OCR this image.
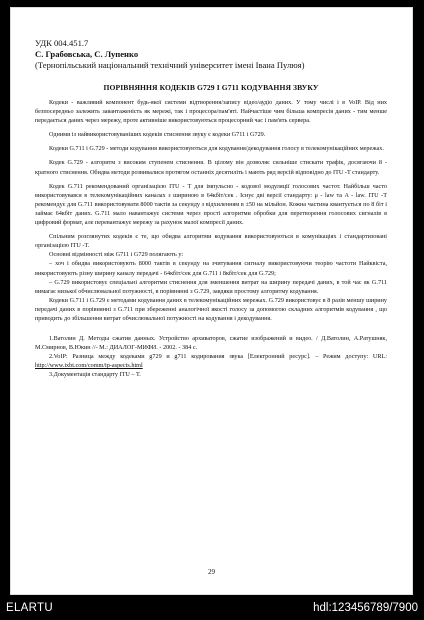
УДК 004.451.7
С. Грабовська, С. Лупенко
(Тернопільський національний технічний університет імені Івана Пулюя)
ПОРІВНЯННЯ КОДЕКІВ G729 І G711 КОДУВАННЯ ЗВУКУ

Кодеки - важливий компонент будь-якої системи відтворення/запису відео/аудіо даних. У тому числі і в VoIP. Від них безпосередньо залежить завантаженість як мережі, так і процесора/пам'яті. Найчастіше чим більша компресія даних - тим менше передається даних через мережу, проте активніше використовуються процесорний час і пам'ять сервера.

Одними із найвикористовуваніших кодеків стиснення звуку є кодеки G711 і G729.

Кодеки G.711 і G.729 - методи кодування використовуються для кодування/декодування голосу в телекомунікаційних мережах.

Кодек G.729 - алгоритм з високим ступенем стиснення. В цілому він дозволяє сильніше стискати трафік, досягаючи 8 - кратного стиснення. Обидва методи розвивалися протягом останніх десятиліть і мають ряд версій відповідно до ITU -T стандарту.

Кодек G.711 рекомендований організацією ITU - T для імпульсно - кодової модуляції голосових частот. Найбільш часто використовувався в телекомунікаційних каналах з шириною в 64кбіт/сек . Існує дві версії стандарту: μ - law та A - law. ITU -T рекомендує для G.711 використовувати 8000 тактів за секунду з відхиленням в ±50 на мільйон. Кожна частина квантується по 8 біт і займає 64кбіт даних. G.711 мало навантажує системи через прості алгоритми обробки для перетворення голосових сигналів в цифровий формат, але перевантажує мережу за рахунок малої компресії даних.

Спільним розглянутих кодеків є те, що обидва алгоритми кодування використовуються в комунікаціях і стандартизовані організацією ITU -T.

Основні відмінності між G711 і G729 полягають у:

– хоч і обидва використовують 8000 тактів в секунду на зчитування сигналу використовуючи теорію частоти Найквіста, використовують різну ширину каналу передачі - 64кбіт/сек для G.711 і 8кбіт/сек для G.729;

– G.729 використовує спеціальні алгоритми стиснення для зменшення витрат на ширину передачі даних, в той час як G.711 вимагає низької обчислювальної потужності, в порівнянні з G.729, завдяки простому алгоритму кодування.

Кодеки G.711 і G.729 є методами кодування даних в телекомунікаційних мережах. G.729 використовує в 8 разів меншу ширину передачі даних в порівнянні з G.711 при збереженні аналогічної якості голосу за допомогою складних алгоритмів кодування , що приводить до збільшення витрат обчислювальної потужності на кодування і декодування.

1.Ватолин Д. Методы сжатия данных. Устройство архиваторов, сжатие изображений и видео. / Д.Ватолин, А.Ратушняк, М.Смирнов, В.Юкин //- М.: ДИАЛОГ-МИФИ. - 2002. - 384 с.

2.VoIP: Разница между кодеками g729 и g711 кодирования звука [Електронний ресурс]. – Режим доступу: URL: http://www.ixbt.com/comm/ip-aspects.html

3.Документація стандарту ITU – T.

29
ELARTU	hdl:123456789/7900
